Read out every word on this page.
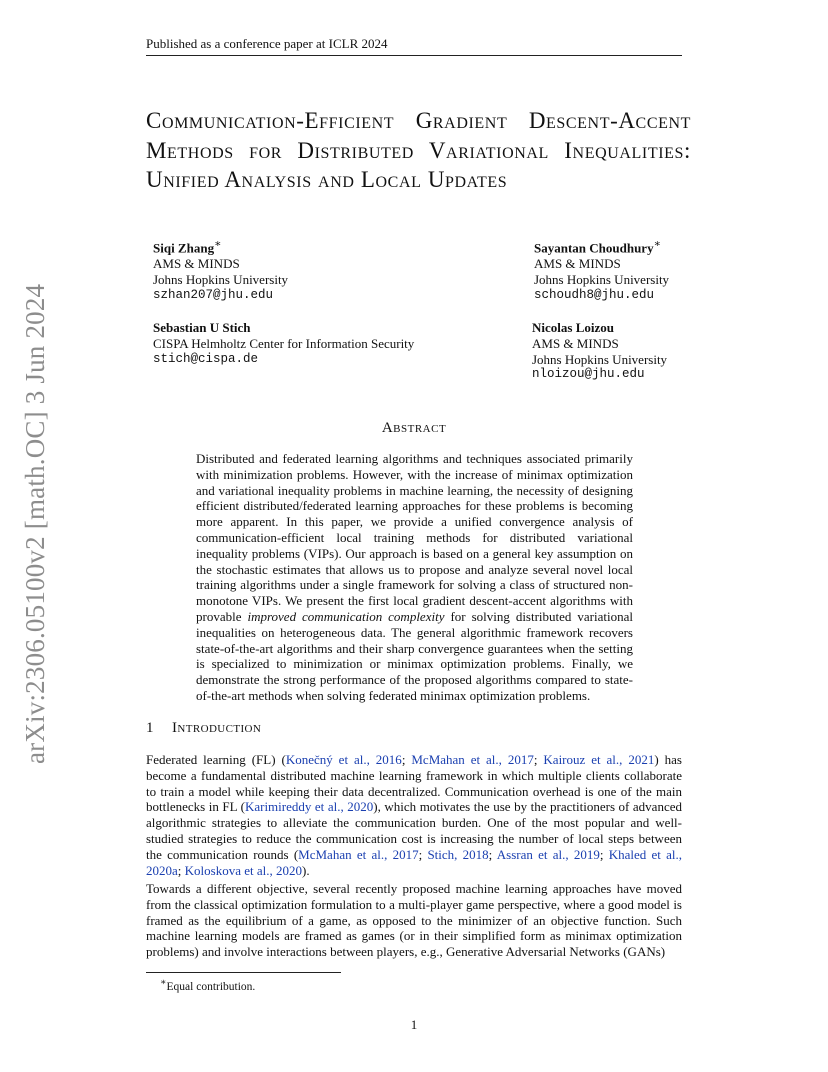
Published as a conference paper at ICLR 2024
arXiv:2306.05100v2 [math.OC] 3 Jun 2024
Communication-Efficient Gradient Descent-Accent Methods for Distributed Variational Inequalities: Unified Analysis and Local Updates
Siqi Zhang∗
AMS & MINDS
Johns Hopkins University
szhan207@jhu.edu
Sayantan Choudhury∗
AMS & MINDS
Johns Hopkins University
schoudh8@jhu.edu
Sebastian U Stich
CISPA Helmholtz Center for Information Security
stich@cispa.de
Nicolas Loizou
AMS & MINDS
Johns Hopkins University
nloizou@jhu.edu
Abstract
Distributed and federated learning algorithms and techniques associated primarily with minimization problems. However, with the increase of minimax optimization and variational inequality problems in machine learning, the necessity of designing efficient distributed/federated learning approaches for these problems is becoming more apparent. In this paper, we provide a unified convergence analysis of communication-efficient local training methods for distributed variational inequality problems (VIPs). Our approach is based on a general key assumption on the stochastic estimates that allows us to propose and analyze several novel local training algorithms under a single framework for solving a class of structured non-monotone VIPs. We present the first local gradient descent-accent algorithms with provable improved communication complexity for solving distributed variational inequalities on heterogeneous data. The general algorithmic framework recovers state-of-the-art algorithms and their sharp convergence guarantees when the setting is specialized to minimization or minimax optimization problems. Finally, we demonstrate the strong performance of the proposed algorithms compared to state-of-the-art methods when solving federated minimax optimization problems.
1 Introduction

Federated learning (FL) (Konečný et al., 2016; McMahan et al., 2017; Kairouz et al., 2021) has become a fundamental distributed machine learning framework in which multiple clients collaborate to train a model while keeping their data decentralized. Communication overhead is one of the main bottlenecks in FL (Karimireddy et al., 2020), which motivates the use by the practitioners of advanced algorithmic strategies to alleviate the communication burden. One of the most popular and well-studied strategies to reduce the communication cost is increasing the number of local steps between the communication rounds (McMahan et al., 2017; Stich, 2018; Assran et al., 2019; Khaled et al., 2020a; Koloskova et al., 2020).

Towards a different objective, several recently proposed machine learning approaches have moved from the classical optimization formulation to a multi-player game perspective, where a good model is framed as the equilibrium of a game, as opposed to the minimizer of an objective function. Such machine learning models are framed as games (or in their simplified form as minimax optimization problems) and involve interactions between players, e.g., Generative Adversarial Networks (GANs)

∗Equal contribution.
1
